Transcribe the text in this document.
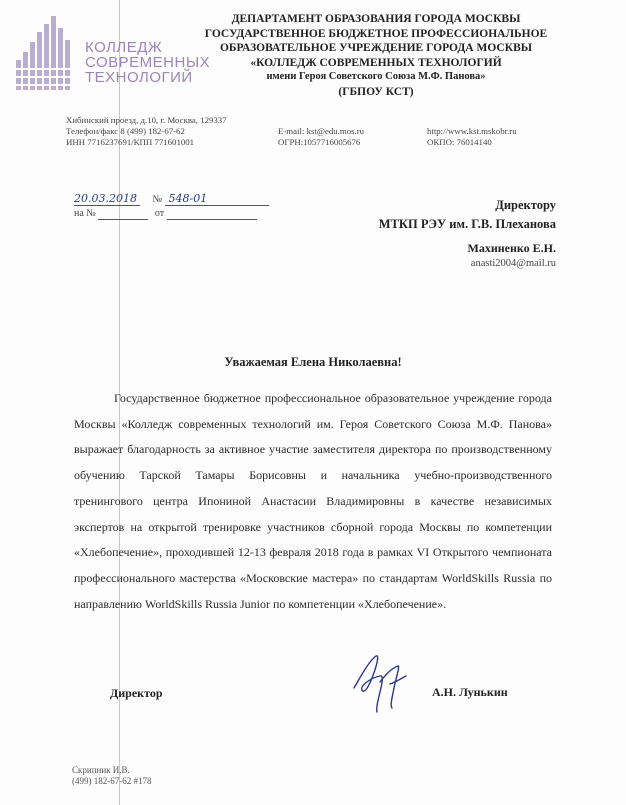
КОЛЛЕДЖ
СОВРЕМЕННЫХ
ТЕХНОЛОГИЙ
ДЕПАРТАМЕНТ ОБРАЗОВАНИЯ ГОРОДА МОСКВЫ
ГОСУДАРСТВЕННОЕ БЮДЖЕТНОЕ ПРОФЕССИОНАЛЬНОЕ
ОБРАЗОВАТЕЛЬНОЕ УЧРЕЖДЕНИЕ ГОРОДА МОСКВЫ
«КОЛЛЕДЖ СОВРЕМЕННЫХ ТЕХНОЛОГИЙ
имени Героя Советского Союза М.Ф. Панова»
(ГБПОУ КСТ)
Хибинский проезд, д.10, г. Москва, 129337
Телефон/факс 8 (499) 182-67-62
ИНН 7716237691/КПП 771601001
E-mail: kst@edu.mos.ru
ОГРН:1057716005676
http://www.kst.mskobr.ru
ОКПО: 76014140
20.03.2018 № 548-01
на №	от
Директору
МТКП РЭУ им. Г.В. Плеханова
Махиненко Е.Н.
anasti2004@mail.ru
Уважаемая Елена Николаевна!

Государственное бюджетное профессиональное образовательное учреждение города Москвы «Колледж современных технологий им. Героя Советского Союза М.Ф. Панова» выражает благодарность за активное участие заместителя директора по производственному обучению Тарской Тамары Борисовны и начальника учебно-производственного тренингового центра Ипониной Анастасии Владимировны в качестве независимых экспертов на открытой тренировке участников сборной города Москвы по компетенции «Хлебопечение», проходившей 12-13 февраля 2018 года в рамках VI Открытого чемпионата профессионального мастерства «Московские мастера» по стандартам WorldSkills Russia по направлению WorldSkills Russia Junior по компетенции «Хлебопечение».

Директор	А.Н. Лунькин
Скрипник И.В.
(499) 182-67-62 #178
